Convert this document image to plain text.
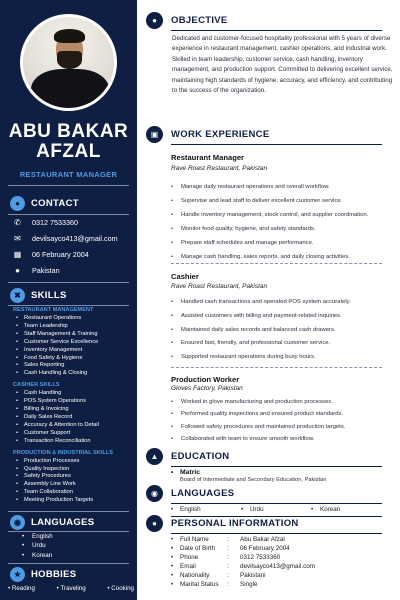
ABU BAKAR
AFZAL
RESTAURANT MANAGER
●	CONTACT
✆ 0312 7533360
✉ devilsayco413@gmail.com
▦ 06 February 2004
●	Pakistan
✖	SKILLS
RESTAURANT MANAGEMENT
• Restaurant Operations
• Team Leadership
• Staff Management & Training
• Customer Service Excellence
• Inventory Management
• Food Safety & Hygiene
• Sales Reporting
• Cash Handling & Closing
CASHIER SKILLS
• Cash Handling
• POS System Operations
• Billing & Invoicing
• Daily Sales Record
• Accuracy & Attention to Detail
• Customer Support
• Transaction Reconciliation
PRODUCTION & INDUSTRIAL SKILLS
• Production Processes
• Quality Inspection
• Safety Procedures
• Assembly Line Work
• Team Collaboration
• Meeting Production Targets
◉	LANGUAGES
• English
• Urdu
• Korean
★	HOBBIES
• Reading	• Traveling	• Cooking
●	OBJECTIVE
Dedicated and customer-focused hospitality professional with 5 years of diverse experience in restaurant management, cashier operations, and industrial work. Skilled in team leadership, customer service, cash handling, inventory management, and production support. Committed to delivering excellent service, maintaining high standards of hygiene, accuracy, and efficiency, and contributing to the success of the organization.
▣	WORK EXPERIENCE
Restaurant Manager
Rave Roast Restaurant, Pakistan
• Manage daily restaurant operations and overall workflow.
• Supervise and lead staff to deliver excellent customer service.
• Handle inventory management, stock control, and supplier coordination.
• Monitor food quality, hygiene, and safety standards.
• Prepare staff schedules and manage performance.
• Manage cash handling, sales reports, and daily closing activities.
Cashier
Rave Roast Restaurant, Pakistan
• Handled cash transactions and operated POS system accurately.
• Assisted customers with billing and payment-related inquiries.
• Maintained daily sales records and balanced cash drawers.
• Ensured fast, friendly, and professional customer service.
• Supported restaurant operations during busy hours.
Production Worker
Gloves Factory, Pakistan
• Worked in glove manufacturing and production processes.
• Performed quality inspections and ensured product standards.
• Followed safety procedures and maintained production targets.
• Collaborated with team to ensure smooth workflow.
▲	EDUCATION
• Matric
Board of Intermediate and Secondary Education, Pakistan
◉	LANGUAGES
• English	• Urdu	• Korean
●	PERSONAL INFORMATION
• Full Name	:	Abu Bakar Afzal
• Date of Birth	:	06 February 2004
• Phone	:	0312 7533360
• Email	:	devilsayco413@gmail.com
• Nationality	:	Pakistani
• Marital Status	:	Single
